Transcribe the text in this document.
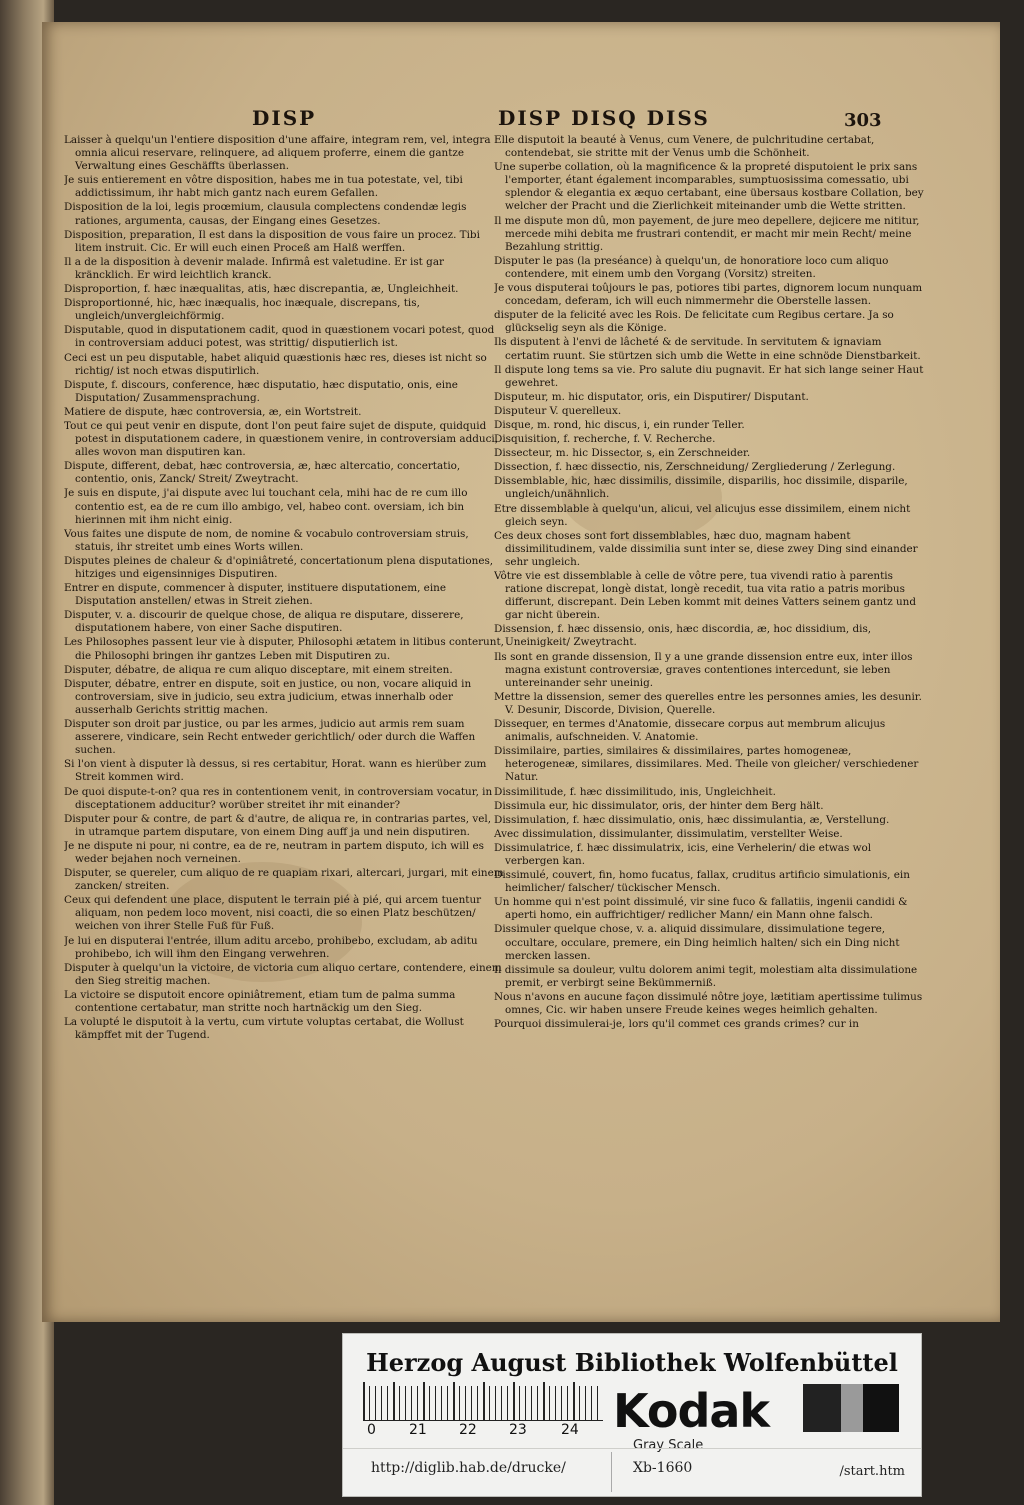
DISP	DISP DISQ DISS	303
Laisser à quelqu'un l'entiere disposition d'une affaire, integram rem, vel, integra omnia alicui reservare, relinquere, ad aliquem proferre, einem die gantze Verwaltung eines Geschäffts überlassen.
Je suis entierement en vôtre disposition, habes me in tua potestate, vel, tibi addictissimum, ihr habt mich gantz nach eurem Gefallen.
Disposition de la loi, legis proœmium, clausula complectens condendæ legis rationes, argumenta, causas, der Eingang eines Gesetzes.
Disposition, preparation, Il est dans la disposition de vous faire un procez. Tibi litem instruit. Cic. Er will euch einen Proceß am Halß werffen.
Il a de la disposition à devenir malade. Infirmâ est valetudine. Er ist gar kräncklich. Er wird leichtlich kranck.
Disproportion, f. hæc inæqualitas, atis, hæc discrepantia, æ, Ungleichheit.
Disproportionné, hic, hæc inæqualis, hoc inæquale, discrepans, tis, ungleich/unvergleichförmig.
Disputable, quod in disputationem cadit, quod in quæstionem vocari potest, quod in controversiam adduci potest, was strittig/ disputierlich ist.
Ceci est un peu disputable, habet aliquid quæstionis hæc res, dieses ist nicht so richtig/ ist noch etwas disputirlich.
Dispute, f. discours, conference, hæc disputatio, hæc disputatio, onis, eine Disputation/ Zusammensprachung.
Matiere de dispute, hæc controversia, æ, ein Wortstreit.
Tout ce qui peut venir en dispute, dont l'on peut faire sujet de dispute, quidquid potest in disputationem cadere, in quæstionem venire, in controversiam adduci, alles wovon man disputiren kan.
Dispute, different, debat, hæc controversia, æ, hæc altercatio, concertatio, contentio, onis, Zanck/ Streit/ Zweytracht.
Je suis en dispute, j'ai dispute avec lui touchant cela, mihi hac de re cum illo contentio est, ea de re cum illo ambigo, vel, habeo cont. oversiam, ich bin hierinnen mit ihm nicht einig.
Vous faites une dispute de nom, de nomine & vocabulo controversiam struis, statuis, ihr streitet umb eines Worts willen.
Disputes pleines de chaleur & d'opiniâtreté, concertationum plena disputationes, hitziges und eigensinniges Disputiren.
Entrer en dispute, commencer à disputer, instituere disputationem, eine Disputation anstellen/ etwas in Streit ziehen.
Disputer, v. a. discourir de quelque chose, de aliqua re disputare, disserere, disputationem habere, von einer Sache disputiren.
Les Philosophes passent leur vie à disputer, Philosophi ætatem in litibus conterunt, die Philosophi bringen ihr gantzes Leben mit Disputiren zu.
Disputer, débatre, de aliqua re cum aliquo disceptare, mit einem streiten.
Disputer, débatre, entrer en dispute, soit en justice, ou non, vocare aliquid in controversiam, sive in judicio, seu extra judicium, etwas innerhalb oder ausserhalb Gerichts strittig machen.
Disputer son droit par justice, ou par les armes, judicio aut armis rem suam asserere, vindicare, sein Recht entweder gerichtlich/ oder durch die Waffen suchen.
Si l'on vient à disputer là dessus, si res certabitur, Horat. wann es hierüber zum Streit kommen wird.
De quoi dispute-t-on? qua res in contentionem venit, in controversiam vocatur, in disceptationem adducitur? worüber streitet ihr mit einander?
Disputer pour & contre, de part & d'autre, de aliqua re, in contrarias partes, vel, in utramque partem disputare, von einem Ding auff ja und nein disputiren.
Je ne dispute ni pour, ni contre, ea de re, neutram in partem disputo, ich will es weder bejahen noch verneinen.
Disputer, se quereler, cum aliquo de re quapiam rixari, altercari, jurgari, mit einem zancken/ streiten.
Ceux qui defendent une place, disputent le terrain pié à pié, qui arcem tuentur aliquam, non pedem loco movent, nisi coacti, die so einen Platz beschützen/ weichen von ihrer Stelle Fuß für Fuß.
Je lui en disputerai l'entrée, illum aditu arcebo, prohibebo, excludam, ab aditu prohibebo, ich will ihm den Eingang verwehren.
Disputer à quelqu'un la victoire, de victoria cum aliquo certare, contendere, einem den Sieg streitig machen.
La victoire se disputoit encore opiniâtrement, etiam tum de palma summa contentione certabatur, man stritte noch hartnäckig um den Sieg.
La volupté le disputoit à la vertu, cum virtute voluptas certabat, die Wollust kämpffet mit der Tugend.
Elle disputoit la beauté à Venus, cum Venere, de pulchritudine certabat, contendebat, sie stritte mit der Venus umb die Schönheit.
Une superbe collation, où la magnificence & la propreté disputoient le prix sans l'emporter, étant également incomparables, sumptuosissima comessatio, ubi splendor & elegantia ex æquo certabant, eine übersaus kostbare Collation, bey welcher der Pracht und die Zierlichkeit miteinander umb die Wette stritten.
Il me dispute mon dû, mon payement, de jure meo depellere, dejicere me nititur, mercede mihi debita me frustrari contendit, er macht mir mein Recht/ meine Bezahlung strittig.
Disputer le pas (la preséance) à quelqu'un, de honoratiore loco cum aliquo contendere, mit einem umb den Vorgang (Vorsitz) streiten.
Je vous disputerai toûjours le pas, potiores tibi partes, dignorem locum nunquam concedam, deferam, ich will euch nimmermehr die Oberstelle lassen.
disputer de la felicité avec les Rois. De felicitate cum Regibus certare. Ja so glückselig seyn als die Könige.
Ils disputent à l'envi de lâcheté & de servitude. In servitutem & ignaviam certatim ruunt. Sie stürtzen sich umb die Wette in eine schnöde Dienstbarkeit.
Il dispute long tems sa vie. Pro salute diu pugnavit. Er hat sich lange seiner Haut gewehret.
Disputeur, m. hic disputator, oris, ein Disputirer/ Disputant.
Disputeur V. querelleux.
Disque, m. rond, hic discus, i, ein runder Teller.
Disquisition, f. recherche, f. V. Recherche.
Dissecteur, m. hic Dissector, s, ein Zerschneider.
Dissection, f. hæc dissectio, nis, Zerschneidung/ Zergliederung / Zerlegung.
Dissemblable, hic, hæc dissimilis, dissimile, disparilis, hoc dissimile, disparile, ungleich/unähnlich.
Etre dissemblable à quelqu'un, alicui, vel alicujus esse dissimilem, einem nicht gleich seyn.
Ces deux choses sont fort dissemblables, hæc duo, magnam habent dissimilitudinem, valde dissimilia sunt inter se, diese zwey Ding sind einander sehr ungleich.
Vôtre vie est dissemblable à celle de vôtre pere, tua vivendi ratio à parentis ratione discrepat, longè distat, longè recedit, tua vita ratio a patris moribus differunt, discrepant. Dein Leben kommt mit deines Vatters seinem gantz und gar nicht überein.
Dissension, f. hæc dissensio, onis, hæc discordia, æ, hoc dissidium, dis, Uneinigkeit/ Zweytracht.
Ils sont en grande dissension, Il y a une grande dissension entre eux, inter illos magna existunt controversiæ, graves contentiones intercedunt, sie leben untereinander sehr uneinig.
Mettre la dissension, semer des querelles entre les personnes amies, les desunir. V. Desunir, Discorde, Division, Querelle.
Dissequer, en termes d'Anatomie, dissecare corpus aut membrum alicujus animalis, aufschneiden. V. Anatomie.
Dissimilaire, parties, similaires & dissimilaires, partes homogeneæ, heterogeneæ, similares, dissimilares. Med. Theile von gleicher/ verschiedener Natur.
Dissimilitude, f. hæc dissimilitudo, inis, Ungleichheit.
Dissimula eur, hic dissimulator, oris, der hinter dem Berg hält.
Dissimulation, f. hæc dissimulatio, onis, hæc dissimulantia, æ, Verstellung.
Avec dissimulation, dissimulanter, dissimulatim, verstellter Weise.
Dissimulatrice, f. hæc dissimulatrix, icis, eine Verhelerin/ die etwas wol verbergen kan.
Dissimulé, couvert, fin, homo fucatus, fallax, cruditus artificio simulationis, ein heimlicher/ falscher/ tückischer Mensch.
Un homme qui n'est point dissimulé, vir sine fuco & fallatiis, ingenii candidi & aperti homo, ein auffrichtiger/ redlicher Mann/ ein Mann ohne falsch.
Dissimuler quelque chose, v. a. aliquid dissimulare, dissimulatione tegere, occultare, occulare, premere, ein Ding heimlich halten/ sich ein Ding nicht mercken lassen.
Il dissimule sa douleur, vultu dolorem animi tegit, molestiam alta dissimulatione premit, er verbirgt seine Bekümmerniß.
Nous n'avons en aucune façon dissimulé nôtre joye, lætitiam apertissime tulimus omnes, Cic. wir haben unsere Freude keines weges heimlich gehalten.
Pourquoi dissimulerai-je, lors qu'il commet ces grands crimes? cur in
Herzog August Bibliothek Wolfenbüttel
0 21 22 23 24 Kodak
Gray Scale
http://diglib.hab.de/drucke/	Xb-1660	/start.htm
